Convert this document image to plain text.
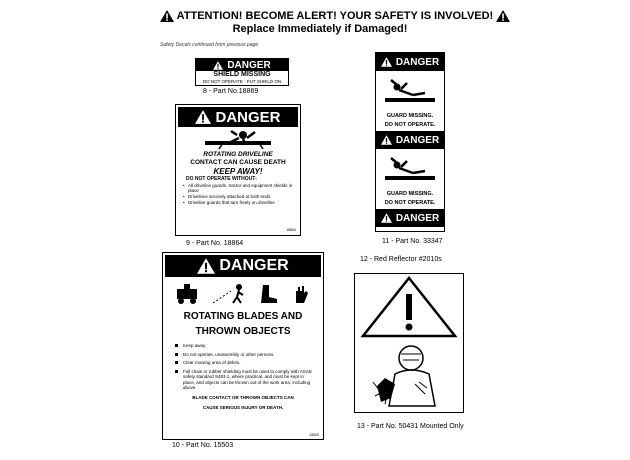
ATTENTION! BECOME ALERT! YOUR SAFETY IS INVOLVED!
Replace Immediately if Damaged!
Safety Decals continued from previous page
DANGER
SHIELD MISSING
DO NOT OPERATE - PUT SHIELD ON
8 - Part No.18869
DANGER
ROTATING DRIVELINE
CONTACT CAN CAUSE DEATH
KEEP AWAY!
DO NOT OPERATE WITHOUT-
• All driveline guards, tractor and equipment shields in place
• Drivelines securely attached at both ends
• Driveline guards that turn freely on driveline
18864
9 - Part No. 18864
DANGER
GUARD MISSING.
DO NOT OPERATE.
DANGER
GUARD MISSING.
DO NOT OPERATE.
DANGER
11 - Part No. 33347
12 - Red Reflector #2010s
DANGER
ROTATING BLADES AND
THROWN OBJECTS
Keep away.
Do not operate, unassembly or other persons.
Clear mowing area of debris.
Full chain or rubber shielding must be used to comply with ASAE safety standard S483.1, where practical, and must be kept in place, and objects can be thrown out of the work area, including above.
BLADE CONTACT OR THROWN OBJECTS CAN
CAUSE SERIOUS INJURY OR DEATH.
15503
10 - Part No. 15503
13 - Part No. 50431 Mounted Only
